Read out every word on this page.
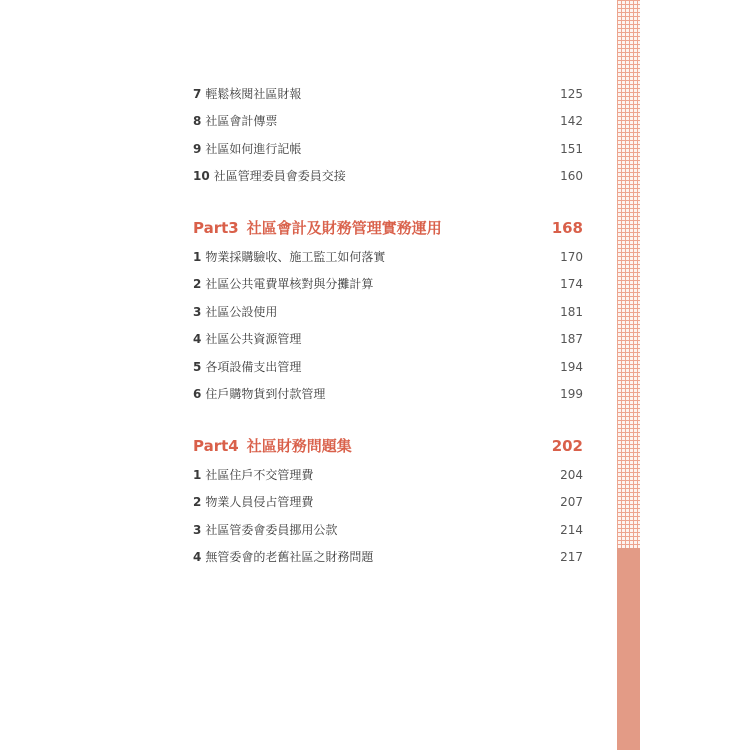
7 輕鬆核閱社區財報	125
8 社區會計傳票	142
9 社區如何進行記帳	151
10 社區管理委員會委員交接	160
Part3 社區會計及財務管理實務運用	168
1 物業採購驗收、施工監工如何落實	170
2 社區公共電費單核對與分攤計算	174
3 社區公設使用	181
4 社區公共資源管理	187
5 各項設備支出管理	194
6 住戶購物貨到付款管理	199
Part4 社區財務問題集	202
1 社區住戶不交管理費	204
2 物業人員侵占管理費	207
3 社區管委會委員挪用公款	214
4 無管委會的老舊社區之財務問題	217
